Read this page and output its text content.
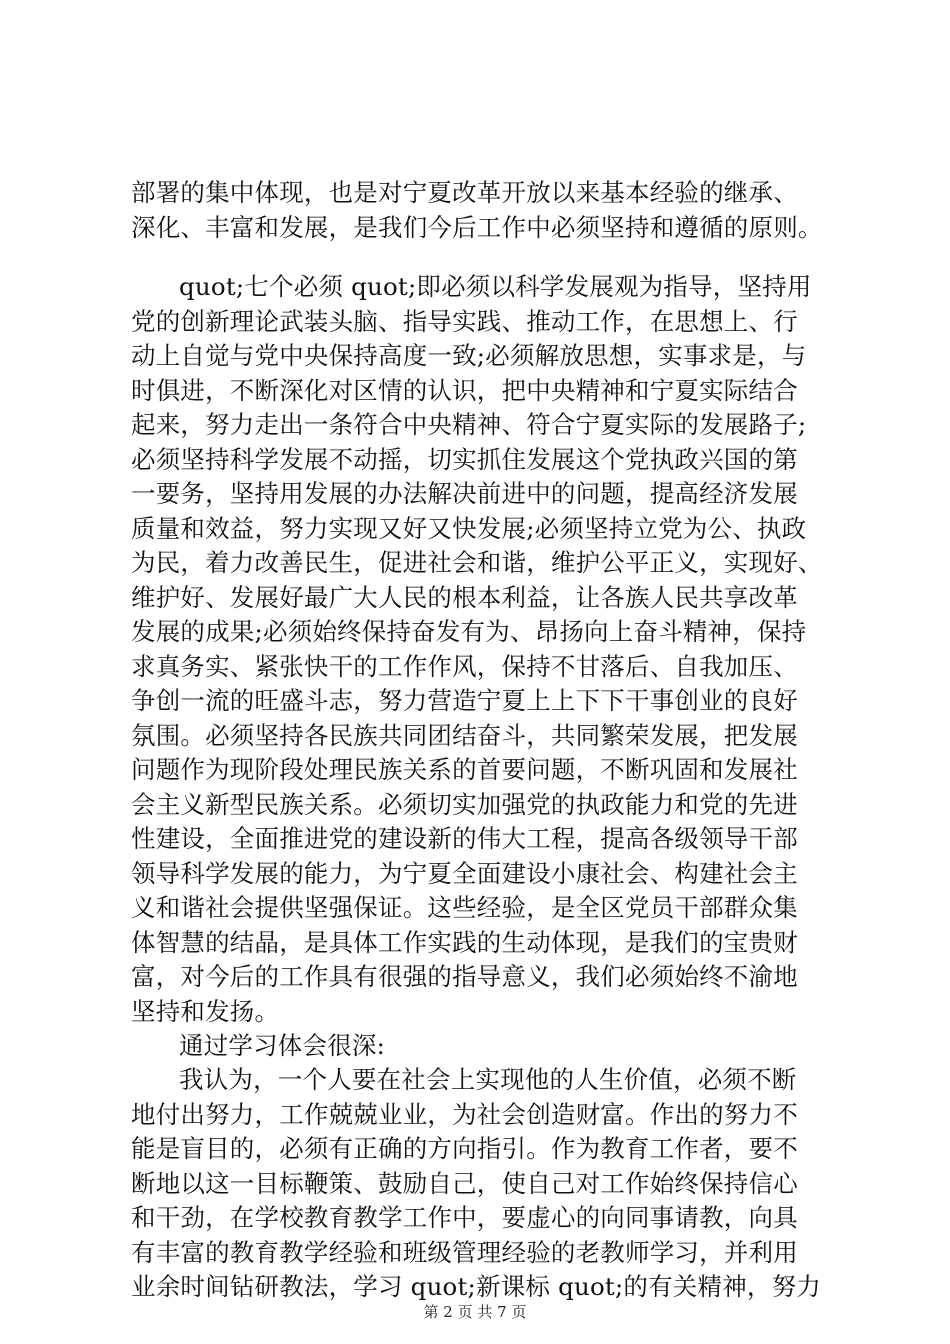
部署的集中体现，也是对宁夏改革开放以来基本经验的继承、
深化、丰富和发展，是我们今后工作中必须坚持和遵循的原则。
quot;七个必须 quot;即必须以科学发展观为指导，坚持用
党的创新理论武装头脑、指导实践、推动工作，在思想上、行
动上自觉与党中央保持高度一致;必须解放思想，实事求是，与
时俱进，不断深化对区情的认识，把中央精神和宁夏实际结合
起来，努力走出一条符合中央精神、符合宁夏实际的发展路子;
必须坚持科学发展不动摇，切实抓住发展这个党执政兴国的第
一要务，坚持用发展的办法解决前进中的问题，提高经济发展
质量和效益，努力实现又好又快发展;必须坚持立党为公、执政
为民，着力改善民生，促进社会和谐，维护公平正义，实现好、
维护好、发展好最广大人民的根本利益，让各族人民共享改革
发展的成果;必须始终保持奋发有为、昂扬向上奋斗精神，保持
求真务实、紧张快干的工作作风，保持不甘落后、自我加压、
争创一流的旺盛斗志，努力营造宁夏上上下下干事创业的良好
氛围。必须坚持各民族共同团结奋斗，共同繁荣发展，把发展
问题作为现阶段处理民族关系的首要问题，不断巩固和发展社
会主义新型民族关系。必须切实加强党的执政能力和党的先进
性建设，全面推进党的建设新的伟大工程，提高各级领导干部
领导科学发展的能力，为宁夏全面建设小康社会、构建社会主
义和谐社会提供坚强保证。这些经验，是全区党员干部群众集
体智慧的结晶，是具体工作实践的生动体现，是我们的宝贵财
富，对今后的工作具有很强的指导意义，我们必须始终不渝地
坚持和发扬。
通过学习体会很深:
我认为，一个人要在社会上实现他的人生价值，必须不断
地付出努力，工作兢兢业业，为社会创造财富。作出的努力不
能是盲目的，必须有正确的方向指引。作为教育工作者，要不
断地以这一目标鞭策、鼓励自己，使自己对工作始终保持信心
和干劲，在学校教育教学工作中，要虚心的向同事请教，向具
有丰富的教育教学经验和班级管理经验的老教师学习，并利用
业余时间钻研教法，学习 quot;新课标 quot;的有关精神，努力
第 2 页 共 7 页
